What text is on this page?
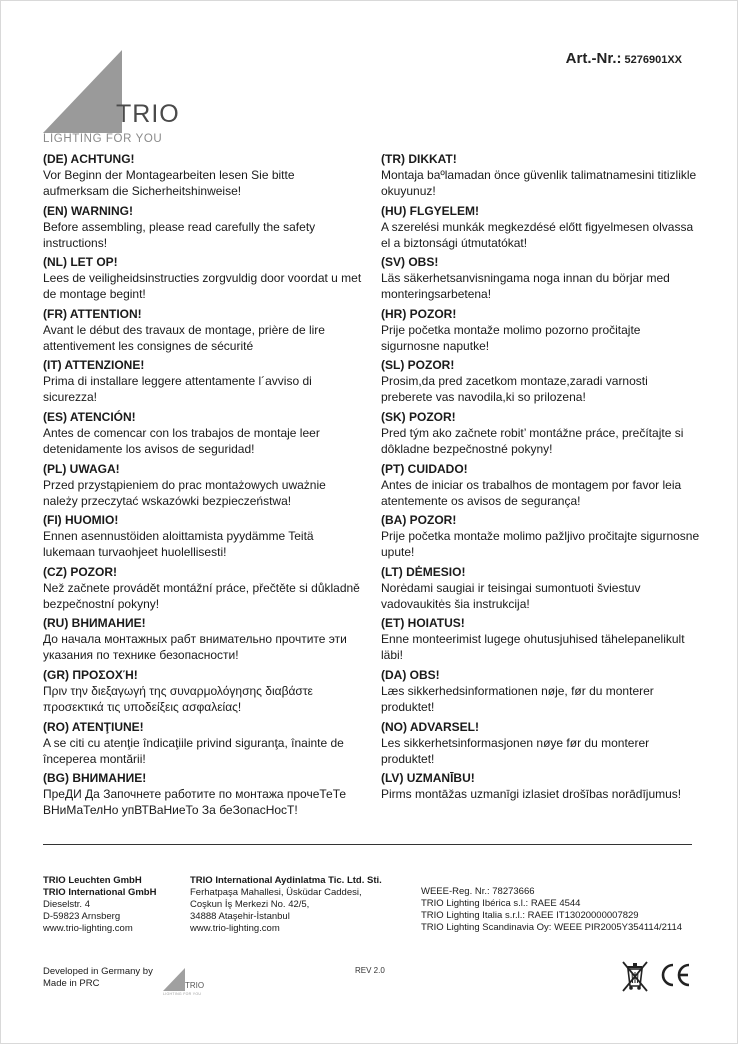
Art.-Nr.: 5276901XX
TRIO
LIGHTING FOR YOU
(DE) ACHTUNG!
Vor Beginn der Montagearbeiten lesen Sie bitte aufmerksam die Sicherheitshinweise!
(EN) WARNING!
Before assembling, please read carefully the safety instructions!
(NL) LET OP!
Lees de veiligheidsinstructies zorgvuldig door voordat u met de montage begint!
(FR) ATTENTION!
Avant le début des travaux de montage, prière de lire attentivement les consignes de sécurité
(IT) ATTENZIONE!
Prima di installare leggere attentamente l´avviso di sicurezza!
(ES) ATENCIÓN!
Antes de comencar con los trabajos de montaje leer detenidamente los avisos de seguridad!
(PL) UWAGA!
Przed przystąpieniem do prac montażowych uważnie należy przeczytać wskazówki bezpieczeństwa!
(FI) HUOMIO!
Ennen asennustöiden aloittamista pyydämme Teitä lukemaan turvaohjeet huolellisesti!
(CZ) POZOR!
Než začnete provádět montážní práce, přečtěte si důkladně bezpečnostní pokyny!
(RU) ВНИМАНИЕ!
До начала монтажных рабт внимательно прочтите эти указания по технике безопасности!
(GR) ΠΡΟΣΟΧΉ!
Πριν την διεξαγωγή της συναρμολόγησης διαβάστε προσεκτικά τις υποδείξεις ασφαλείας!
(RO) ATENŢIUNE!
A se citi cu atenţie îndicaţiile privind siguranţa, înainte de începerea montării!
(BG) ВНИМАНИЕ!
ПреДИ Да Започнете работите по монтажа прочеТеТе ВНиМаТелНо упВТВаНиеТо За беЗопасНосТ!
(TR) DIKKAT!
Montaja baºlamadan önce güvenlik talimatnamesini titizlikle okuyunuz!
(HU) FLGYELEM!
A szerelési munkák megkezdésé előtt figyelmesen olvassa el a biztonsági útmutatókat!
(SV) OBS!
Läs säkerhetsanvisningama noga innan du börjar med monteringsarbetena!
(HR) POZOR!
Prije početka montaže molimo pozorno pročitajte sigurnosne naputke!
(SL) POZOR!
Prosim,da pred zacetkom montaze,zaradi varnosti preberete vas navodila,ki so prilozena!
(SK) POZOR!
Pred tým ako začnete robit’ montážne práce, prečítajte si dôkladne bezpečnostné pokyny!
(PT) CUIDADO!
Antes de iniciar os trabalhos de montagem por favor leia atentemente os avisos de segurança!
(BA) POZOR!
Prije početka montaže molimo pažljivo pročitajte sigurnosne upute!
(LT) DĖMESIO!
Norėdami saugiai ir teisingai sumontuoti šviestuv vadovaukitės šia instrukcija!
(ET) HOIATUS!
Enne monteerimist lugege ohutusjuhised tähelepanelikult läbi!
(DA) OBS!
Læs sikkerhedsinformationen nøje, før du monterer produktet!
(NO) ADVARSEL!
Les sikkerhetsinformasjonen nøye før du monterer produktet!
(LV) UZMANĪBU!
Pirms montāžas uzmanīgi izlasiet drošības norādījumus!
TRIO Leuchten GmbH
TRIO International GmbH
Dieselstr. 4
D-59823 Arnsberg
www.trio-lighting.com
TRIO International Aydinlatma Tic. Ltd. Sti.
Ferhatpaşa Mahallesi, Üsküdar Caddesi,
Coşkun İş Merkezi No. 42/5,
34888 Ataşehir-İstanbul
www.trio-lighting.com
WEEE-Reg. Nr.: 78273666
TRIO Lighting Ibérica s.l.: RAEE 4544
TRIO Lighting Italia s.r.l.: RAEE IT13020000007829
TRIO Lighting Scandinavia Oy: WEEE PIR2005Y354114/2114
Developed in Germany by
Made in PRC	TRIO
LIGHTING FOR YOU
REV 2.0
CE
